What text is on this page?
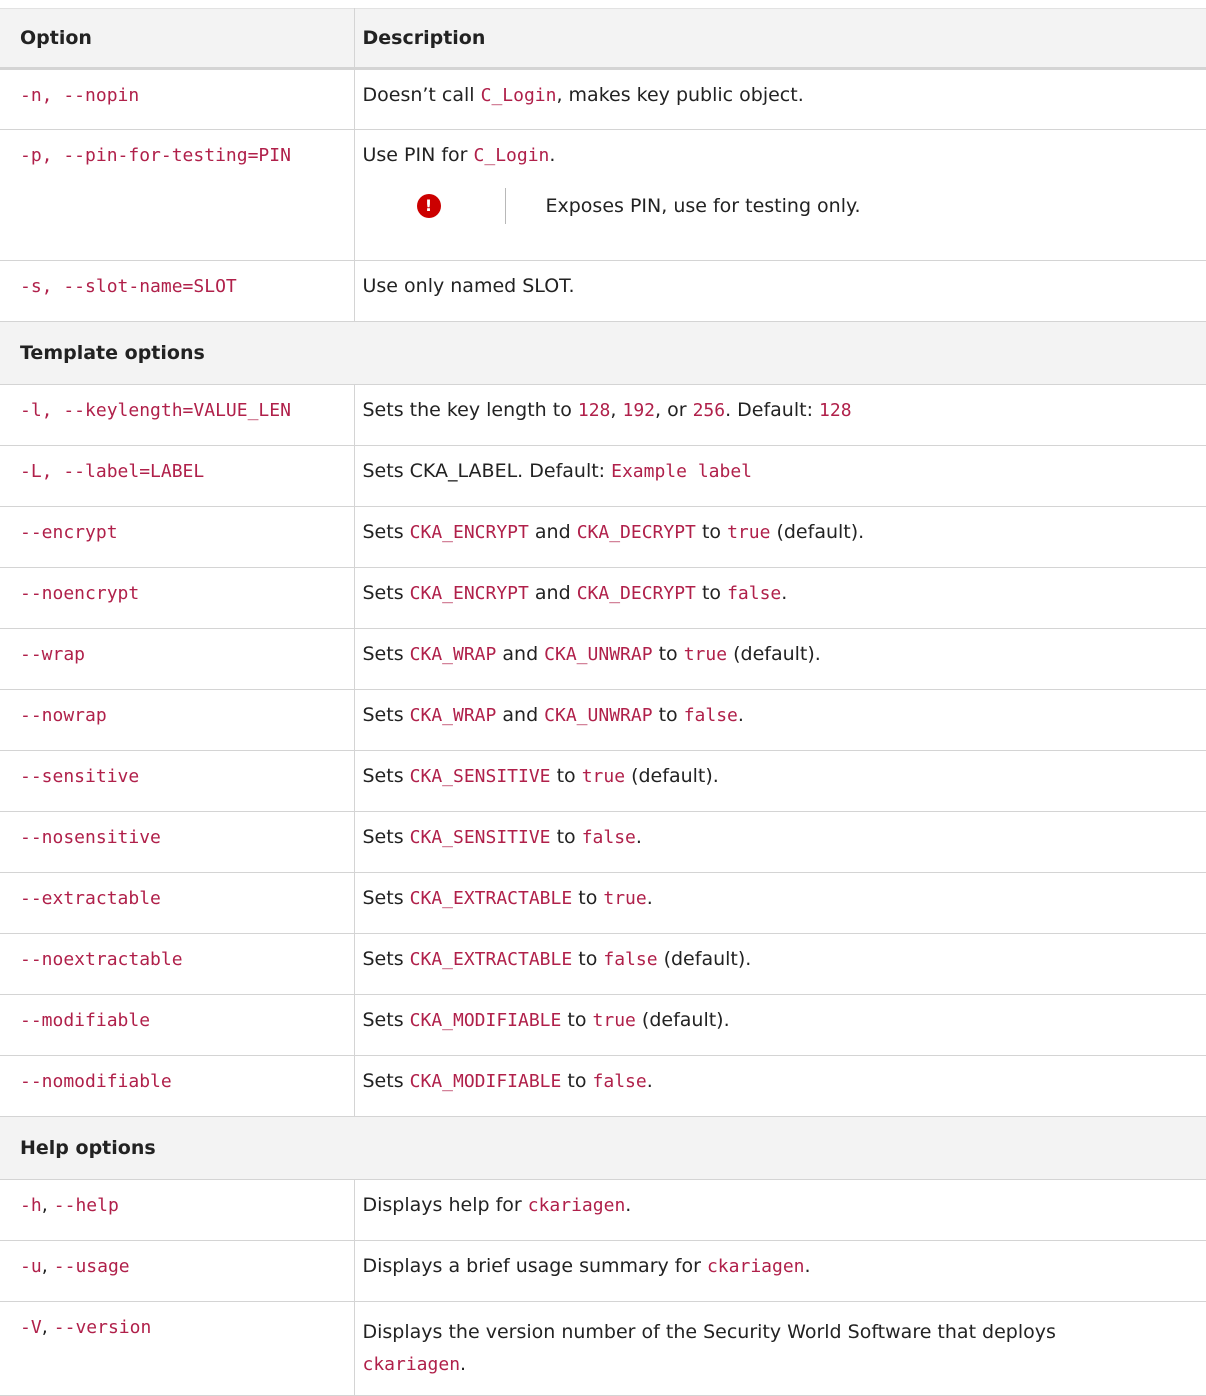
Option	Description
-n, --nopin	Doesn’t call C_Login, makes key public object.
-p, --pin-for-testing=PIN	Use PIN for C_Login.
! Exposes PIN, use for testing only.

-s, --slot-name=SLOT	Use only named SLOT.
Template options	
-l, --keylength=VALUE_LEN	Sets the key length to 128, 192, or 256. Default: 128
-L, --label=LABEL	Sets CKA_LABEL. Default: Example label
--encrypt	Sets CKA_ENCRYPT and CKA_DECRYPT to true (default).
--noencrypt	Sets CKA_ENCRYPT and CKA_DECRYPT to false.
--wrap	Sets CKA_WRAP and CKA_UNWRAP to true (default).
--nowrap	Sets CKA_WRAP and CKA_UNWRAP to false.
--sensitive	Sets CKA_SENSITIVE to true (default).
--nosensitive	Sets CKA_SENSITIVE to false.
--extractable	Sets CKA_EXTRACTABLE to true.
--noextractable	Sets CKA_EXTRACTABLE to false (default).
--modifiable	Sets CKA_MODIFIABLE to true (default).
--nomodifiable	Sets CKA_MODIFIABLE to false.
Help options	
-h, --help	Displays help for ckariagen.
-u, --usage	Displays a brief usage summary for ckariagen.
-V, --version	Displays the version number of the Security World Software that deploys
ckariagen.
